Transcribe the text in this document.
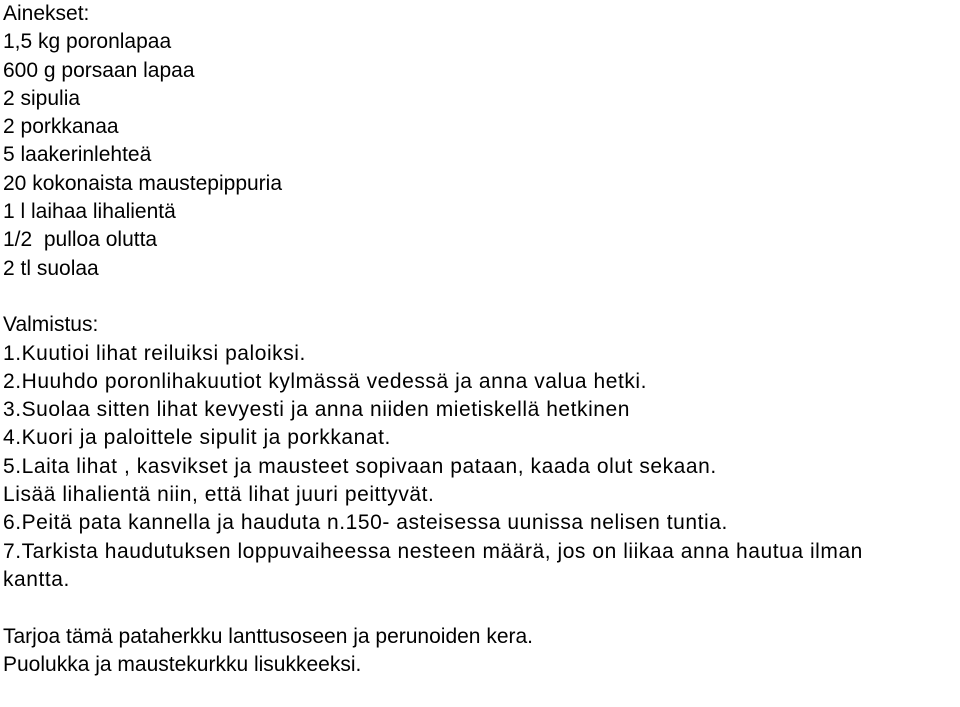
Ainekset:
1,5 kg poronlapaa
600 g porsaan lapaa
2 sipulia
2 porkkanaa
5 laakerinlehteä
20 kokonaista maustepippuria
1 l laihaa lihalientä
1/2  pulloa olutta
2 tl suolaa
Valmistus:
1.Kuutioi lihat reiluiksi paloiksi.
2.Huuhdo poronlihakuutiot kylmässä vedessä ja anna valua hetki.
3.Suolaa sitten lihat kevyesti ja anna niiden mietiskellä hetkinen
4.Kuori ja paloittele sipulit ja porkkanat.
5.Laita lihat , kasvikset ja mausteet sopivaan pataan, kaada olut sekaan.
Lisää lihalientä niin, että lihat juuri peittyvät.
6.Peitä pata kannella ja hauduta n.150- asteisessa uunissa nelisen tuntia.
7.Tarkista haudutuksen loppuvaiheessa nesteen määrä, jos on liikaa anna hautua ilman
kantta.
Tarjoa tämä pataherkku lanttusoseen ja perunoiden kera.
Puolukka ja maustekurkku lisukkeeksi.
